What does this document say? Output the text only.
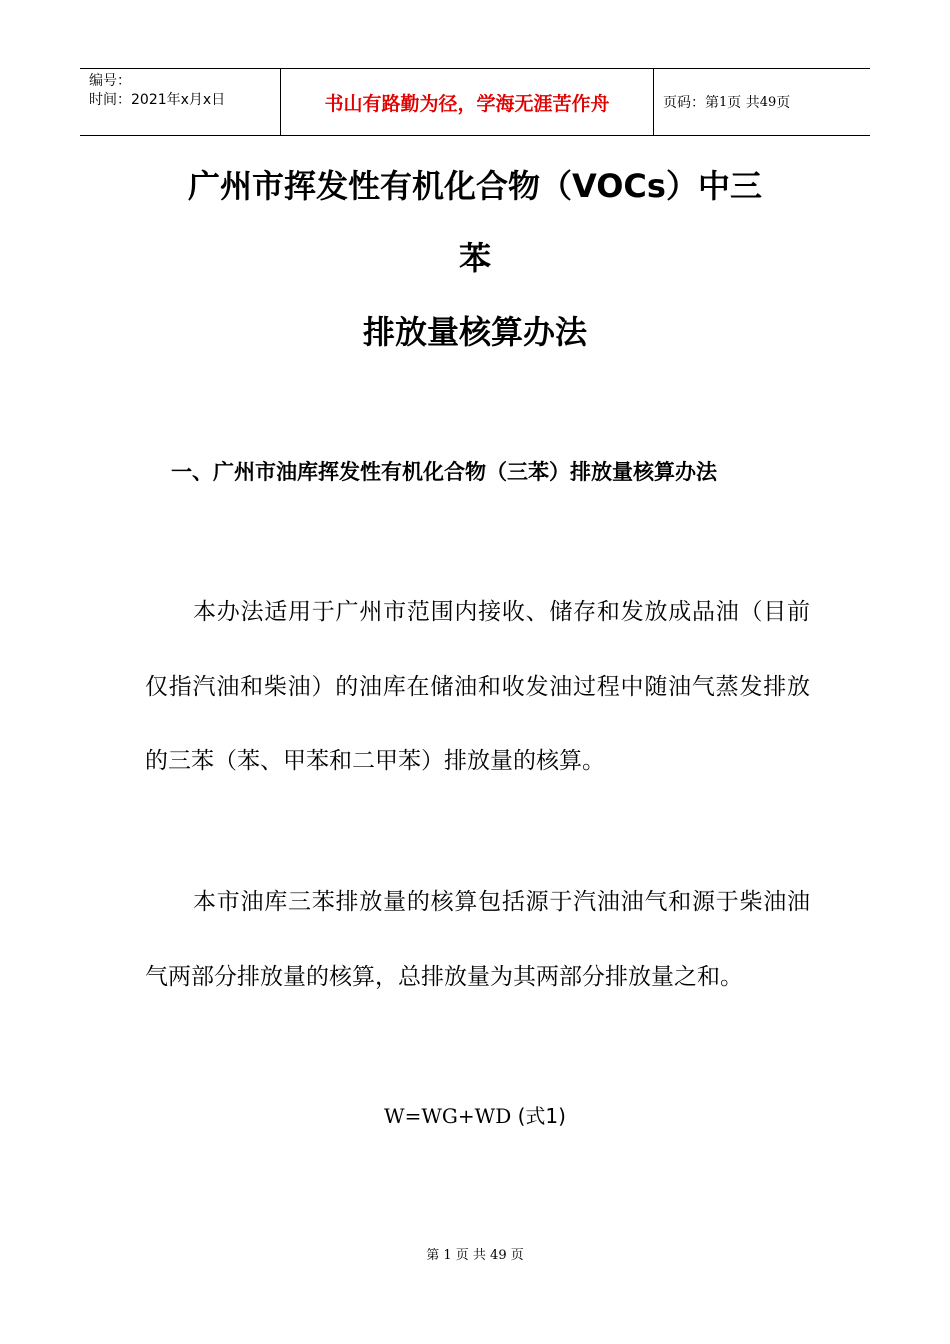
编号：
时间：2021年x月x日	书山有路勤为径，学海无涯苦作舟	页码：第 1 页 共 49 页
广州市挥发性有机化合物（VOCs）中三
苯
排放量核算办法
一、广州市油库挥发性有机化合物（三苯）排放量核算办法
本办法适用于广州市范围内接收、储存和发放成品油（目前仅指汽油和柴油）的油库在储油和收发油过程中随油气蒸发排放的三苯（苯、甲苯和二甲苯）排放量的核算。
本市油库三苯排放量的核算包括源于汽油油气和源于柴油油气两部分排放量的核算，总排放量为其两部分排放量之和。
W=WG+WD (式1)
第 1 页 共 49 页
